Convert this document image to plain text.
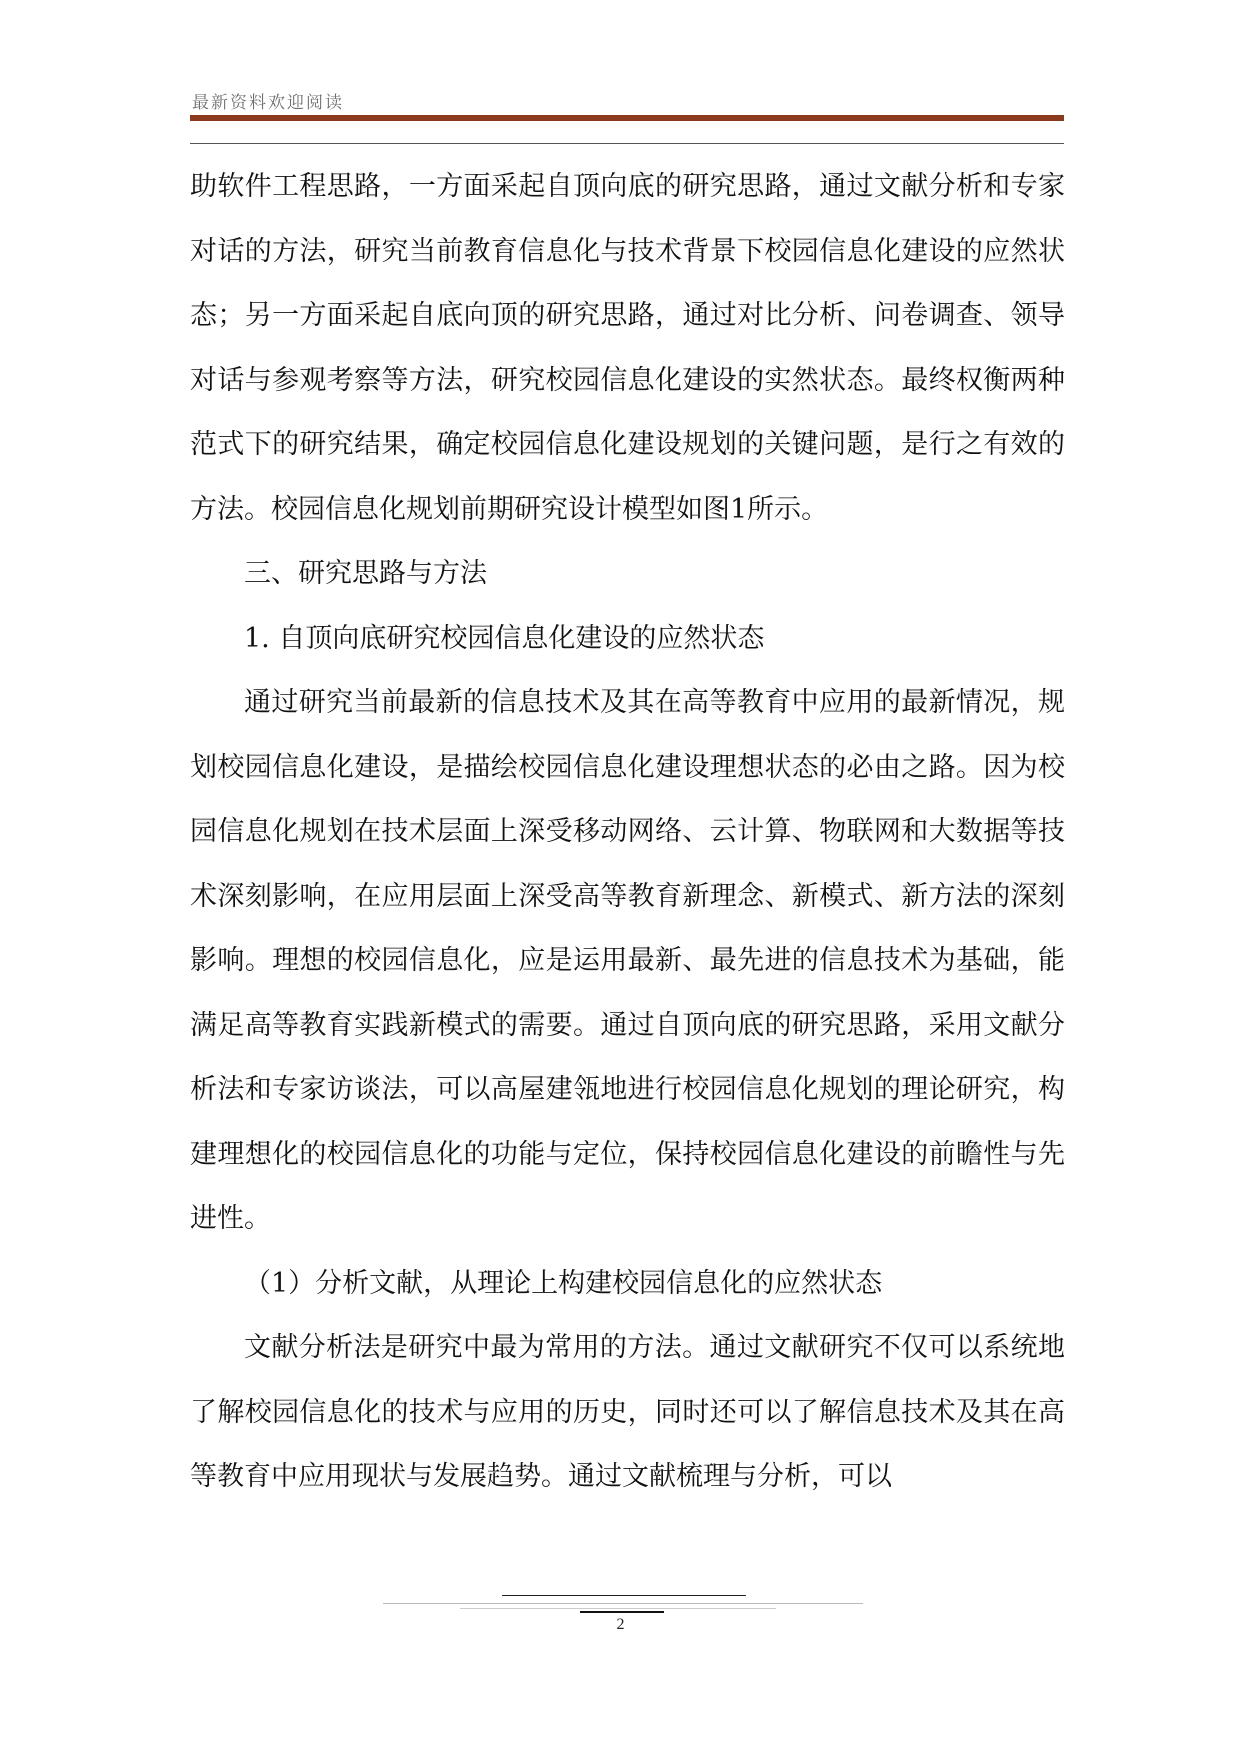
最新资料欢迎阅读

助软件工程思路，一方面采起自顶向底的研究思路，通过文献分析和专家对话的方法，研究当前教育信息化与技术背景下校园信息化建设的应然状态；另一方面采起自底向顶的研究思路，通过对比分析、问卷调查、领导对话与参观考察等方法，研究校园信息化建设的实然状态。最终权衡两种范式下的研究结果，确定校园信息化建设规划的关键问题，是行之有效的方法。校园信息化规划前期研究设计模型如图1所示。

三、研究思路与方法

1. 自顶向底研究校园信息化建设的应然状态

通过研究当前最新的信息技术及其在高等教育中应用的最新情况，规划校园信息化建设，是描绘校园信息化建设理想状态的必由之路。因为校园信息化规划在技术层面上深受移动网络、云计算、物联网和大数据等技术深刻影响，在应用层面上深受高等教育新理念、新模式、新方法的深刻影响。理想的校园信息化，应是运用最新、最先进的信息技术为基础，能满足高等教育实践新模式的需要。通过自顶向底的研究思路，采用文献分析法和专家访谈法，可以高屋建瓴地进行校园信息化规划的理论研究，构建理想化的校园信息化的功能与定位，保持校园信息化建设的前瞻性与先进性。

（1）分析文献，从理论上构建校园信息化的应然状态

文献分析法是研究中最为常用的方法。通过文献研究不仅可以系统地了解校园信息化的技术与应用的历史，同时还可以了解信息技术及其在高等教育中应用现状与发展趋势。通过文献梳理与分析，可以

2
